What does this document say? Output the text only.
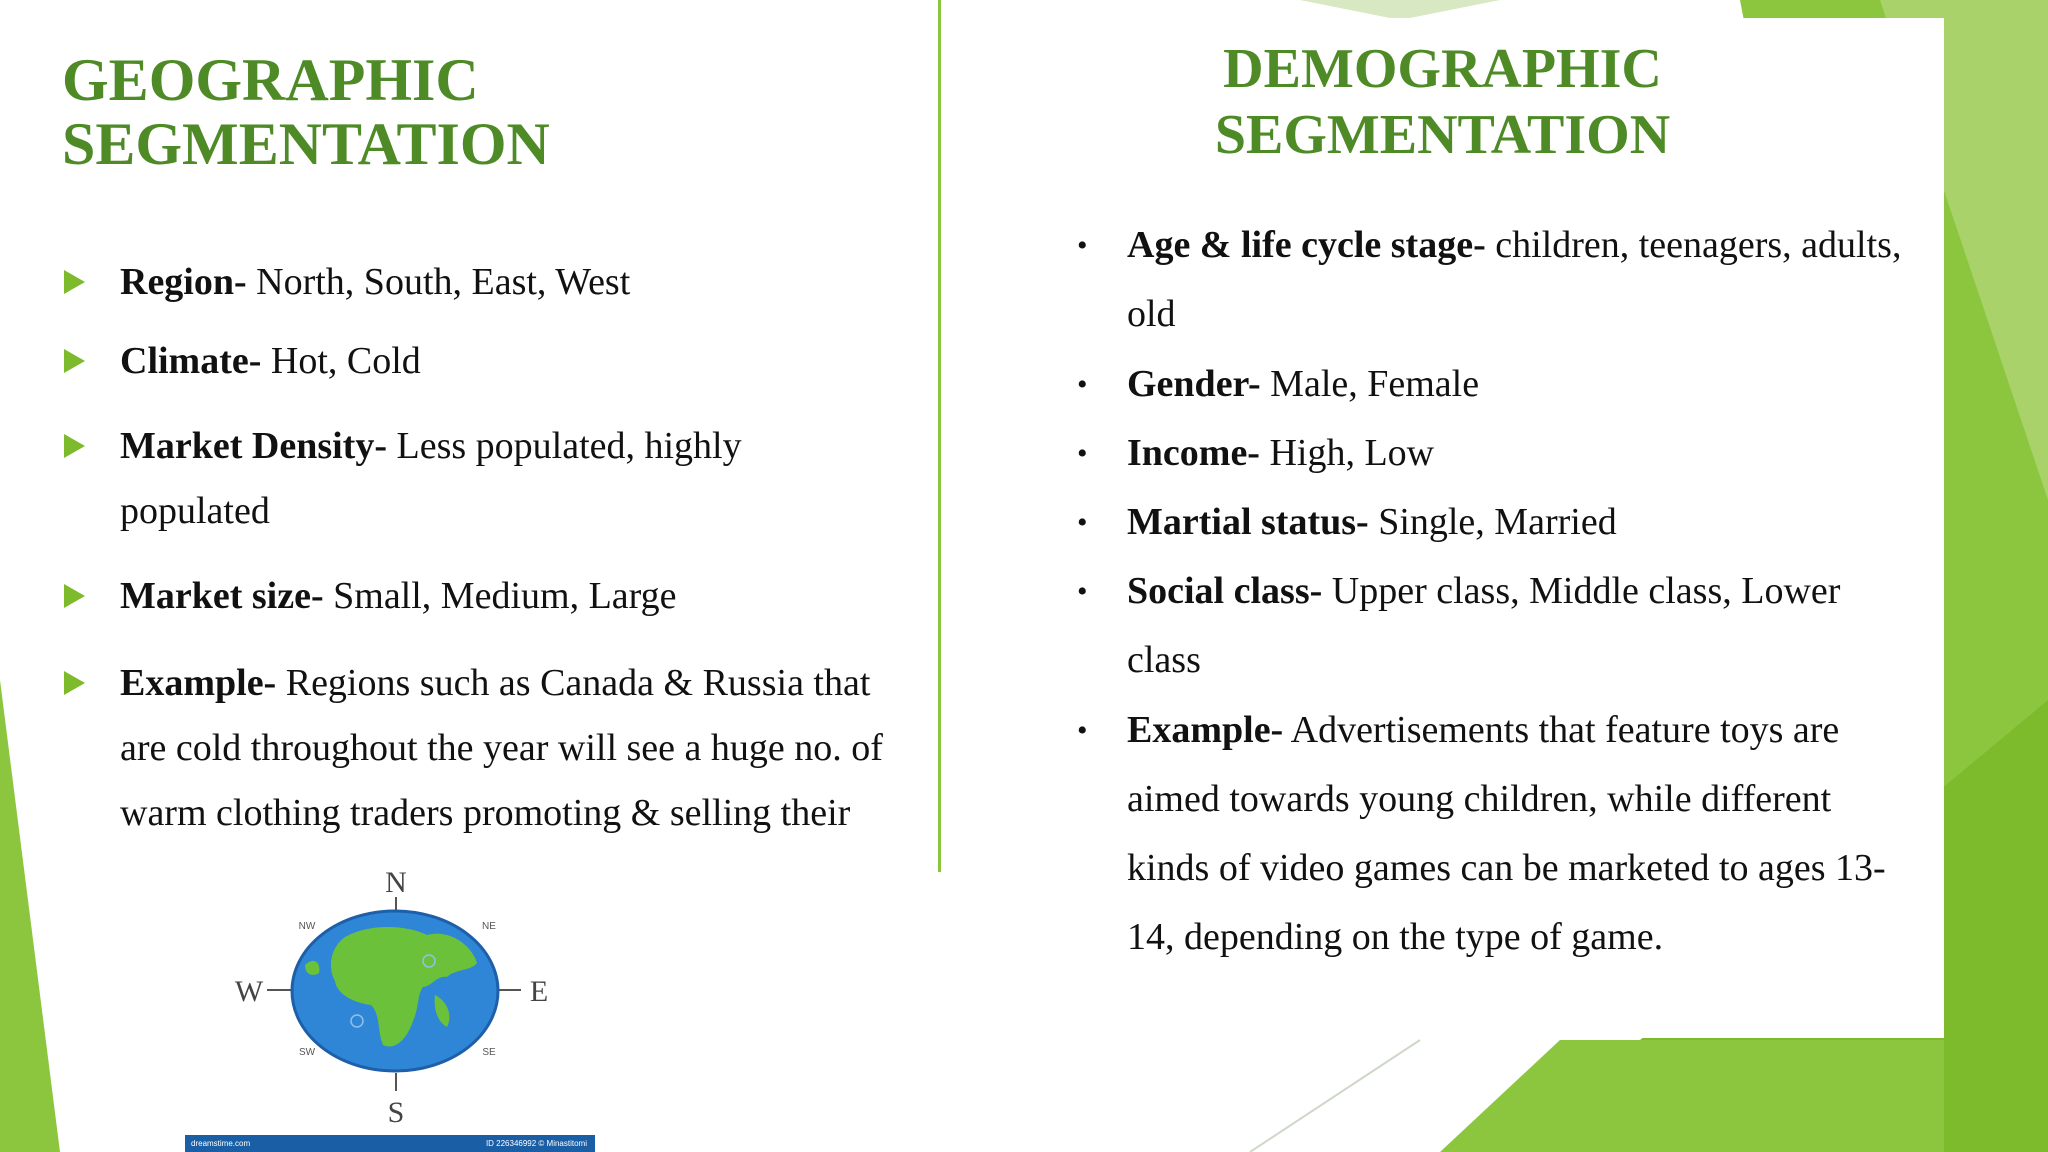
GEOGRAPHIC
SEGMENTATION
Region- North, South, East, West
Climate- Hot, Cold
Market Density- Less populated, highly populated
Market size- Small, Medium, Large
Example- Regions such as Canada & Russia that are cold throughout the year will see a huge no. of warm clothing traders promoting & selling their
N
S
W	E
NW	NE
SW	SE
dreamstime.com	ID 226346992 © Minastitomi
DEMOGRAPHIC
SEGMENTATION
• Age & life cycle stage- children, teenagers, adults, old
• Gender- Male, Female
• Income- High, Low
• Martial status- Single, Married
• Social class- Upper class, Middle class, Lower class
• Example- Advertisements that feature toys are aimed towards young children, while different kinds of video games can be marketed to ages 13-14, depending on the type of game.
